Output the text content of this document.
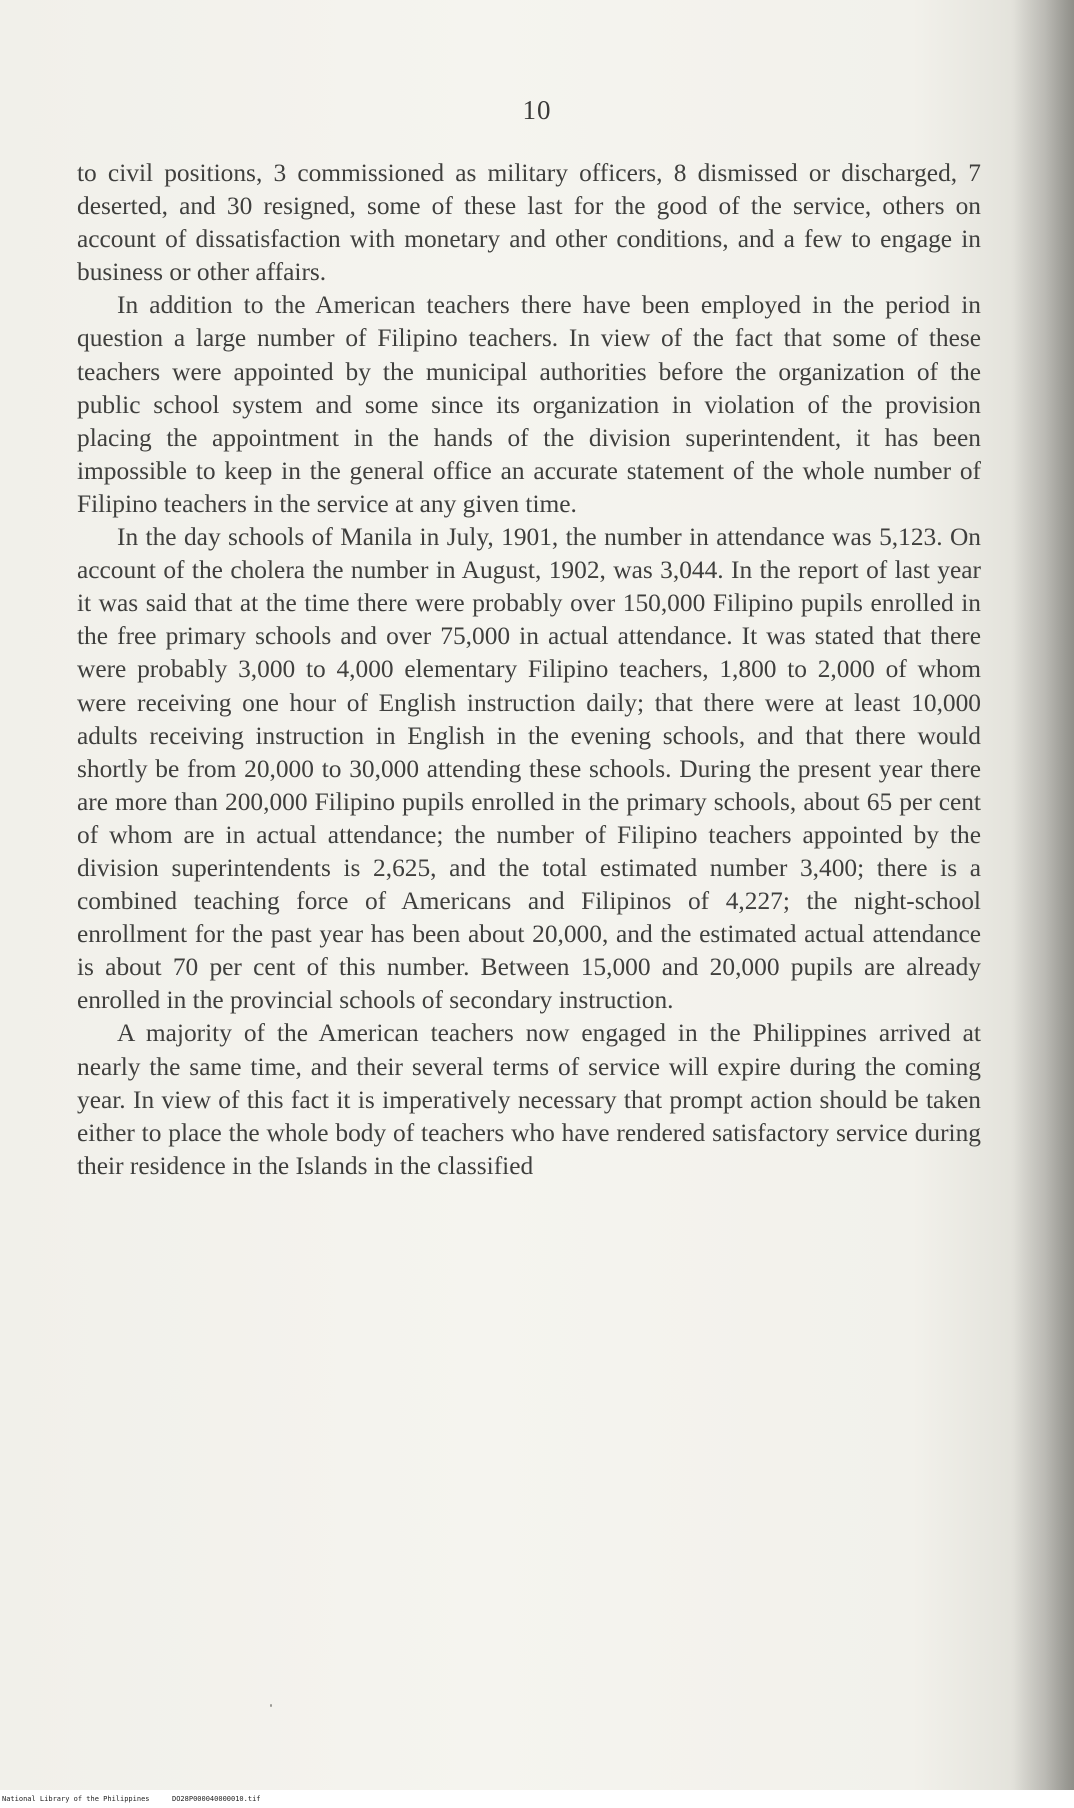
10

to civil positions, 3 commissioned as military officers, 8 dismissed or discharged, 7 deserted, and 30 resigned, some of these last for the good of the service, others on account of dissatisfaction with monetary and other conditions, and a few to engage in business or other affairs.

In addition to the American teachers there have been employed in the period in question a large number of Filipino teachers. In view of the fact that some of these teachers were appointed by the municipal authorities before the organization of the public school system and some since its organization in violation of the provision placing the appointment in the hands of the division superintendent, it has been impossible to keep in the general office an accurate statement of the whole number of Filipino teachers in the service at any given time.

In the day schools of Manila in July, 1901, the number in attendance was 5,123. On account of the cholera the number in August, 1902, was 3,044. In the report of last year it was said that at the time there were probably over 150,000 Filipino pupils enrolled in the free primary schools and over 75,000 in actual attendance. It was stated that there were probably 3,000 to 4,000 elementary Filipino teachers, 1,800 to 2,000 of whom were receiving one hour of English instruction daily; that there were at least 10,000 adults receiving instruction in English in the evening schools, and that there would shortly be from 20,000 to 30,000 attending these schools. During the present year there are more than 200,000 Filipino pupils enrolled in the primary schools, about 65 per cent of whom are in actual attendance; the number of Filipino teachers appointed by the division superintendents is 2,625, and the total estimated number 3,400; there is a combined teaching force of Americans and Filipinos of 4,227; the night-school enrollment for the past year has been about 20,000, and the estimated actual attendance is about 70 per cent of this number. Between 15,000 and 20,000 pupils are already enrolled in the provincial schools of secondary instruction.

A majority of the American teachers now engaged in the Philippines arrived at nearly the same time, and their several terms of service will expire during the coming year. In view of this fact it is imperatively necessary that prompt action should be taken either to place the whole body of teachers who have rendered satisfactory service during their residence in the Islands in the classified

National Library of the Philippines	DO28P000040000010.tif
